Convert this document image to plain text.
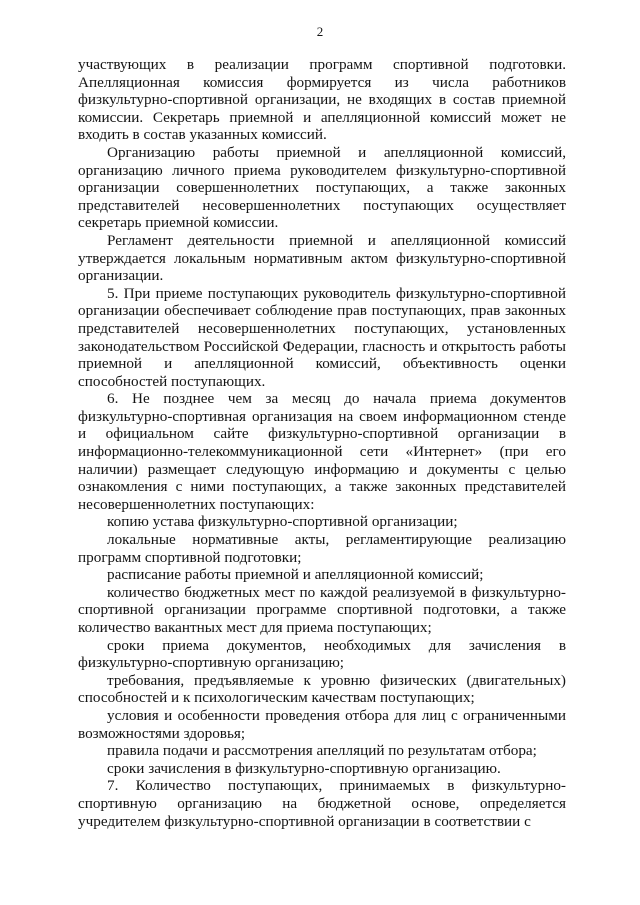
2

участвующих в реализации программ спортивной подготовки. Апелляционная комиссия формируется из числа работников физкультурно-спортивной организации, не входящих в состав приемной комиссии. Секретарь приемной и апелляционной комиссий может не входить в состав указанных комиссий.

Организацию работы приемной и апелляционной комиссий, организацию личного приема руководителем физкультурно-спортивной организации совершеннолетних поступающих, а также законных представителей несовершеннолетних поступающих осуществляет секретарь приемной комиссии.

Регламент деятельности приемной и апелляционной комиссий утверждается локальным нормативным актом физкультурно-спортивной организации.

5. При приеме поступающих руководитель физкультурно-спортивной организации обеспечивает соблюдение прав поступающих, прав законных представителей несовершеннолетних поступающих, установленных законодательством Российской Федерации, гласность и открытость работы приемной и апелляционной комиссий, объективность оценки способностей поступающих.

6. Не позднее чем за месяц до начала приема документов физкультурно-спортивная организация на своем информационном стенде и официальном сайте физкультурно-спортивной организации в информационно-телекоммуникационной сети «Интернет» (при его наличии) размещает следующую информацию и документы с целью ознакомления с ними поступающих, а также законных представителей несовершеннолетних поступающих:

копию устава физкультурно-спортивной организации;

локальные нормативные акты, регламентирующие реализацию программ спортивной подготовки;

расписание работы приемной и апелляционной комиссий;

количество бюджетных мест по каждой реализуемой в физкультурно-спортивной организации программе спортивной подготовки, а также количество вакантных мест для приема поступающих;

сроки приема документов, необходимых для зачисления в физкультурно-спортивную организацию;

требования, предъявляемые к уровню физических (двигательных) способностей и к психологическим качествам поступающих;

условия и особенности проведения отбора для лиц с ограниченными возможностями здоровья;

правила подачи и рассмотрения апелляций по результатам отбора;

сроки зачисления в физкультурно-спортивную организацию.

7. Количество поступающих, принимаемых в физкультурно-спортивную организацию на бюджетной основе, определяется учредителем физкультурно-спортивной организации в соответствии с
